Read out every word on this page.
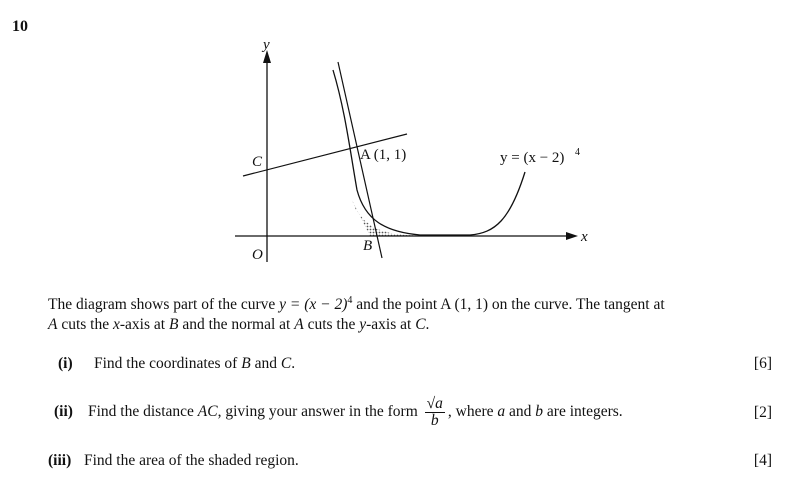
10
y
x
O
C
B
A (1, 1)	y = (x − 2) 4
The diagram shows part of the curve $y = (x - 2)^4$ and the point A (1, 1) on the curve. The tangent at
A cuts the x-axis at B and the normal at A cuts the y-axis at C.
(i) Find the coordinates of B and C.	[6]
(ii) Find the distance AC, giving your answer in the form $\frac{√a}{b}$ , where a and b are integers.	[2]
(iii) Find the area of the shaded region.	[4]
